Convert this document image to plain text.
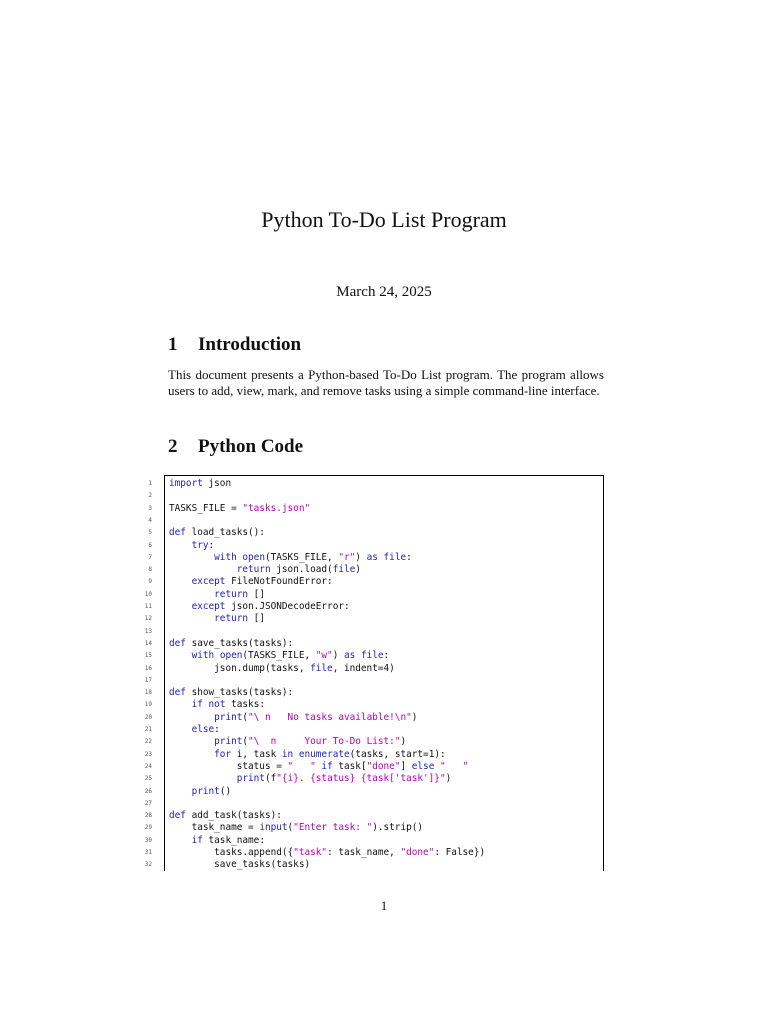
Python To-Do List Program
March 24, 2025
1 Introduction
This document presents a Python-based To-Do List program. The program allows users to add, view, mark, and remove tasks using a simple command-line interface.
2 Python Code
1 import json
2
3 TASKS_FILE = "tasks.json"
4
5 def load_tasks():
6	try:
7	with open(TASKS_FILE, "r") as file:
8	return json.load(file)
9	except FileNotFoundError:
10	return []
11	except json.JSONDecodeError:
12	return []
13
14 def save_tasks(tasks):
15	with open(TASKS_FILE, "w") as file:
16 json.dump(tasks, file, indent=4)
17
18 def show_tasks(tasks):
19	if not tasks:
20	print("\ n   No tasks available!\n")
21	else:
22	print("\  n     Your To-Do List:")
23	for i, task in enumerate(tasks, start=1):
24 status = "   " if task["done"] else "   "
25	print(f"{i}. {status} {task['task']}")
26	print()
27
28 def add_task(tasks):
29 task_name = input("Enter task: ").strip()
30	if task_name:
31 tasks.append({"task": task_name, "done": False})
32 save_tasks(tasks)
1
